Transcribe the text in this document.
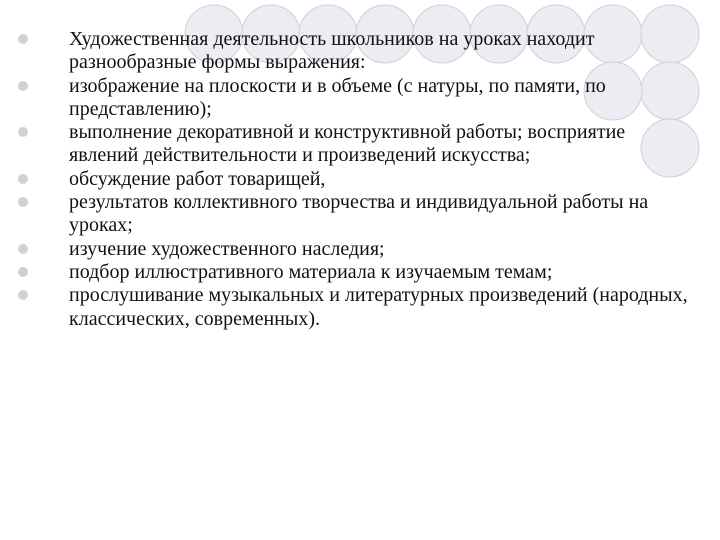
Художественная деятельность школьников на уроках находит разнообразные формы выражения:
изображение на плоскости и в объеме (с натуры, по памяти, по представлению);
выполнение декоративной и конструктивной работы; восприятие явлений действительности и произведений искусства;
обсуждение работ товарищей,
результатов коллективного творчества и индивидуальной работы на уроках;
изучение художественного наследия;
подбор иллюстративного материала к изучаемым темам;
прослушивание музыкальных и литературных произведений (народных, классических, современных).
